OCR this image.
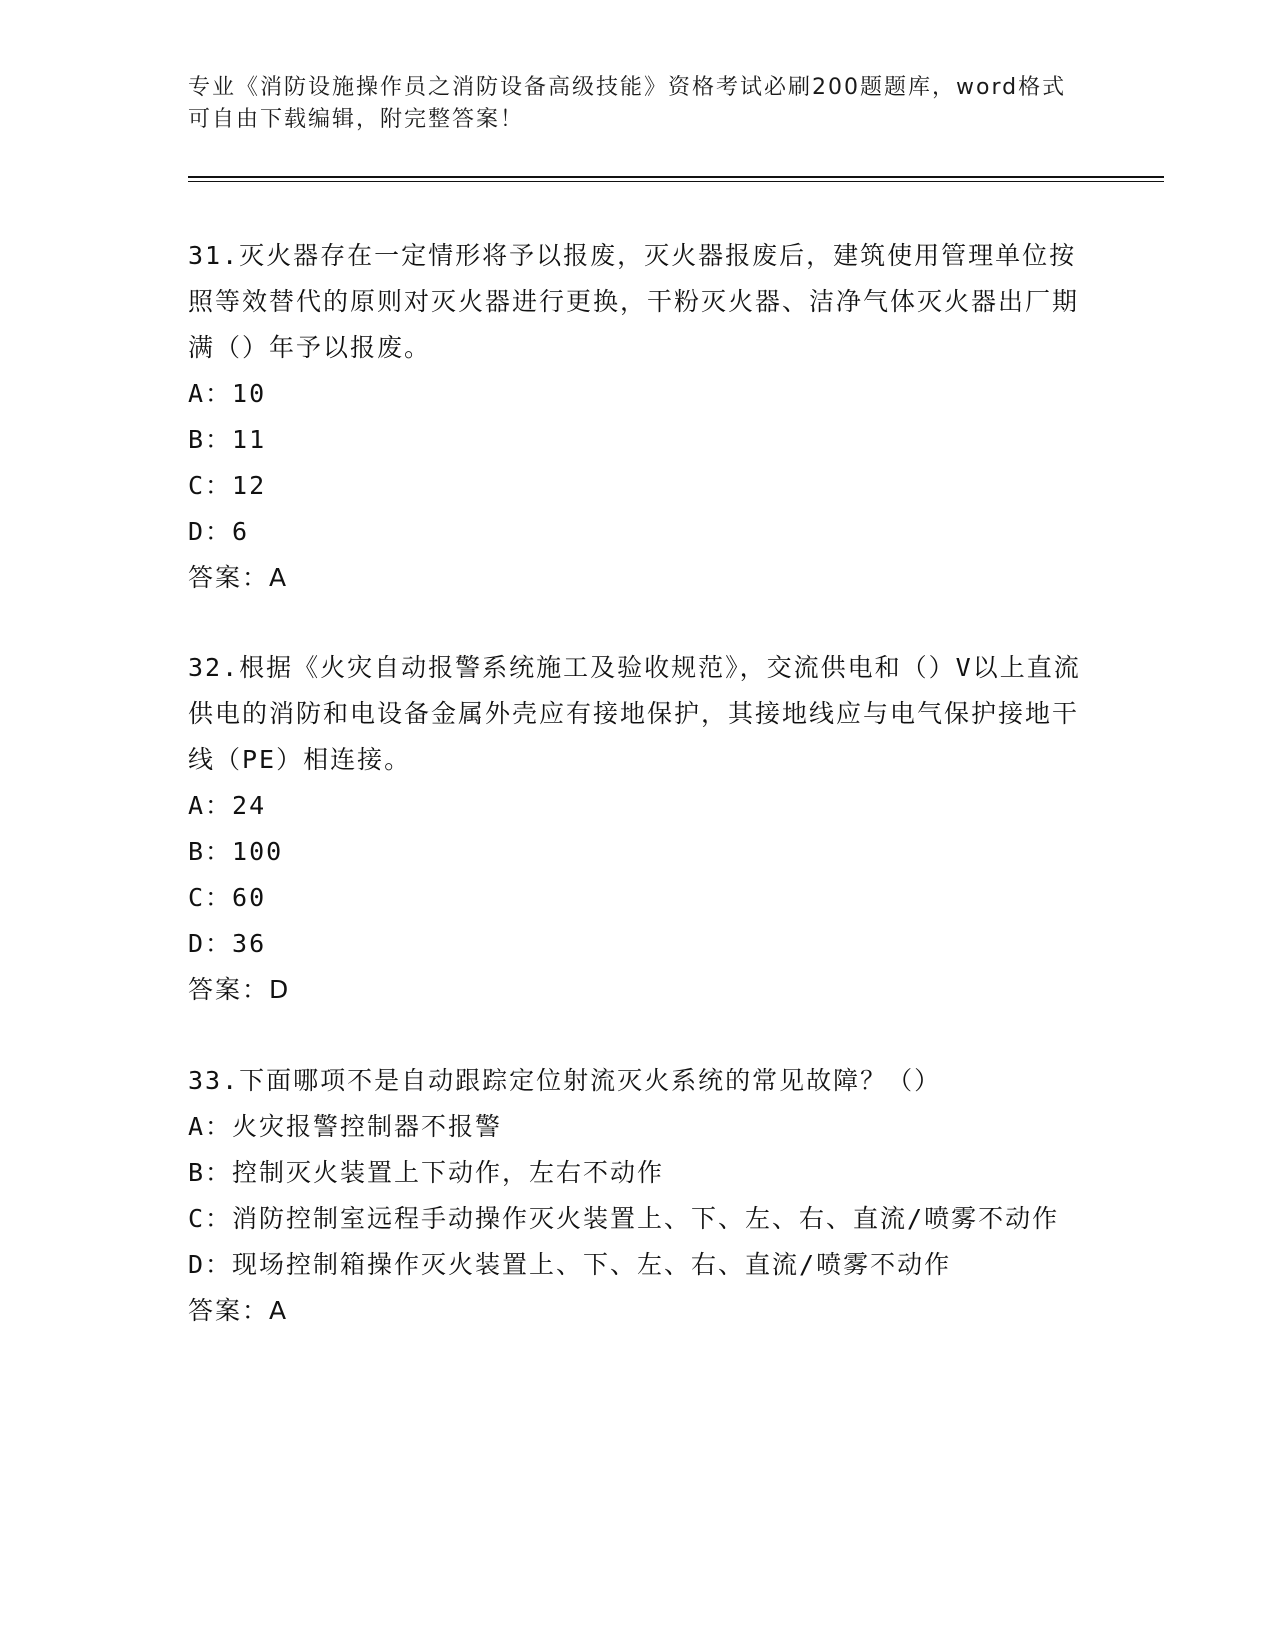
专业《消防设施操作员之消防设备高级技能》资格考试必刷200题题库，word格式可自由下载编辑，附完整答案！

31.灭火器存在一定情形将予以报废，灭火器报废后，建筑使用管理单位按照等效替代的原则对灭火器进行更换，干粉灭火器、洁净气体灭火器出厂期满（）年予以报废。

A：10

B：11

C：12

D：6

答案：A

32.根据《火灾自动报警系统施工及验收规范》，交流供电和（）V以上直流供电的消防和电设备金属外壳应有接地保护，其接地线应与电气保护接地干线（PE）相连接。

A：24

B：100

C：60

D：36

答案：D

33.下面哪项不是自动跟踪定位射流灭火系统的常见故障？（）

A：火灾报警控制器不报警

B：控制灭火装置上下动作，左右不动作

C：消防控制室远程手动操作灭火装置上、下、左、右、直流/喷雾不动作

D：现场控制箱操作灭火装置上、下、左、右、直流/喷雾不动作

答案：A
